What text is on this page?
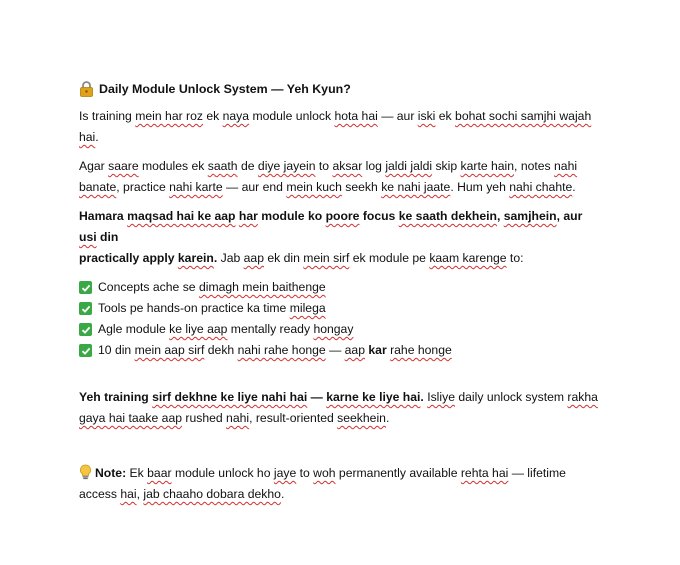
Daily Module Unlock System — Yeh Kyun?

Is training mein har roz ek naya module unlock hota hai — aur iski ek bohat sochi samjhi wajah
hai.

Agar saare modules ek saath de diye jayein to aksar log jaldi jaldi skip karte hain, notes nahi
banate, practice nahi karte — aur end mein kuch seekh ke nahi jaate. Hum yeh nahi chahte.

Hamara maqsad hai ke aap har module ko poore focus ke saath dekhein, samjhein, aur usi din
practically apply karein. Jab aap ek din mein sirf ek module pe kaam karenge to:

Concepts ache se dimagh mein baithenge
Tools pe hands-on practice ka time milega
Agle module ke liye aap mentally ready hongay
10 din mein aap sirf dekh nahi rahe honge — aap kar rahe honge

Yeh training sirf dekhne ke liye nahi hai — karne ke liye hai. Isliye daily unlock system rakha
gaya hai taake aap rushed nahi, result-oriented seekhein.

Note: Ek baar module unlock ho jaye to woh permanently available rehta hai — lifetime
access hai, jab chaaho dobara dekho.
